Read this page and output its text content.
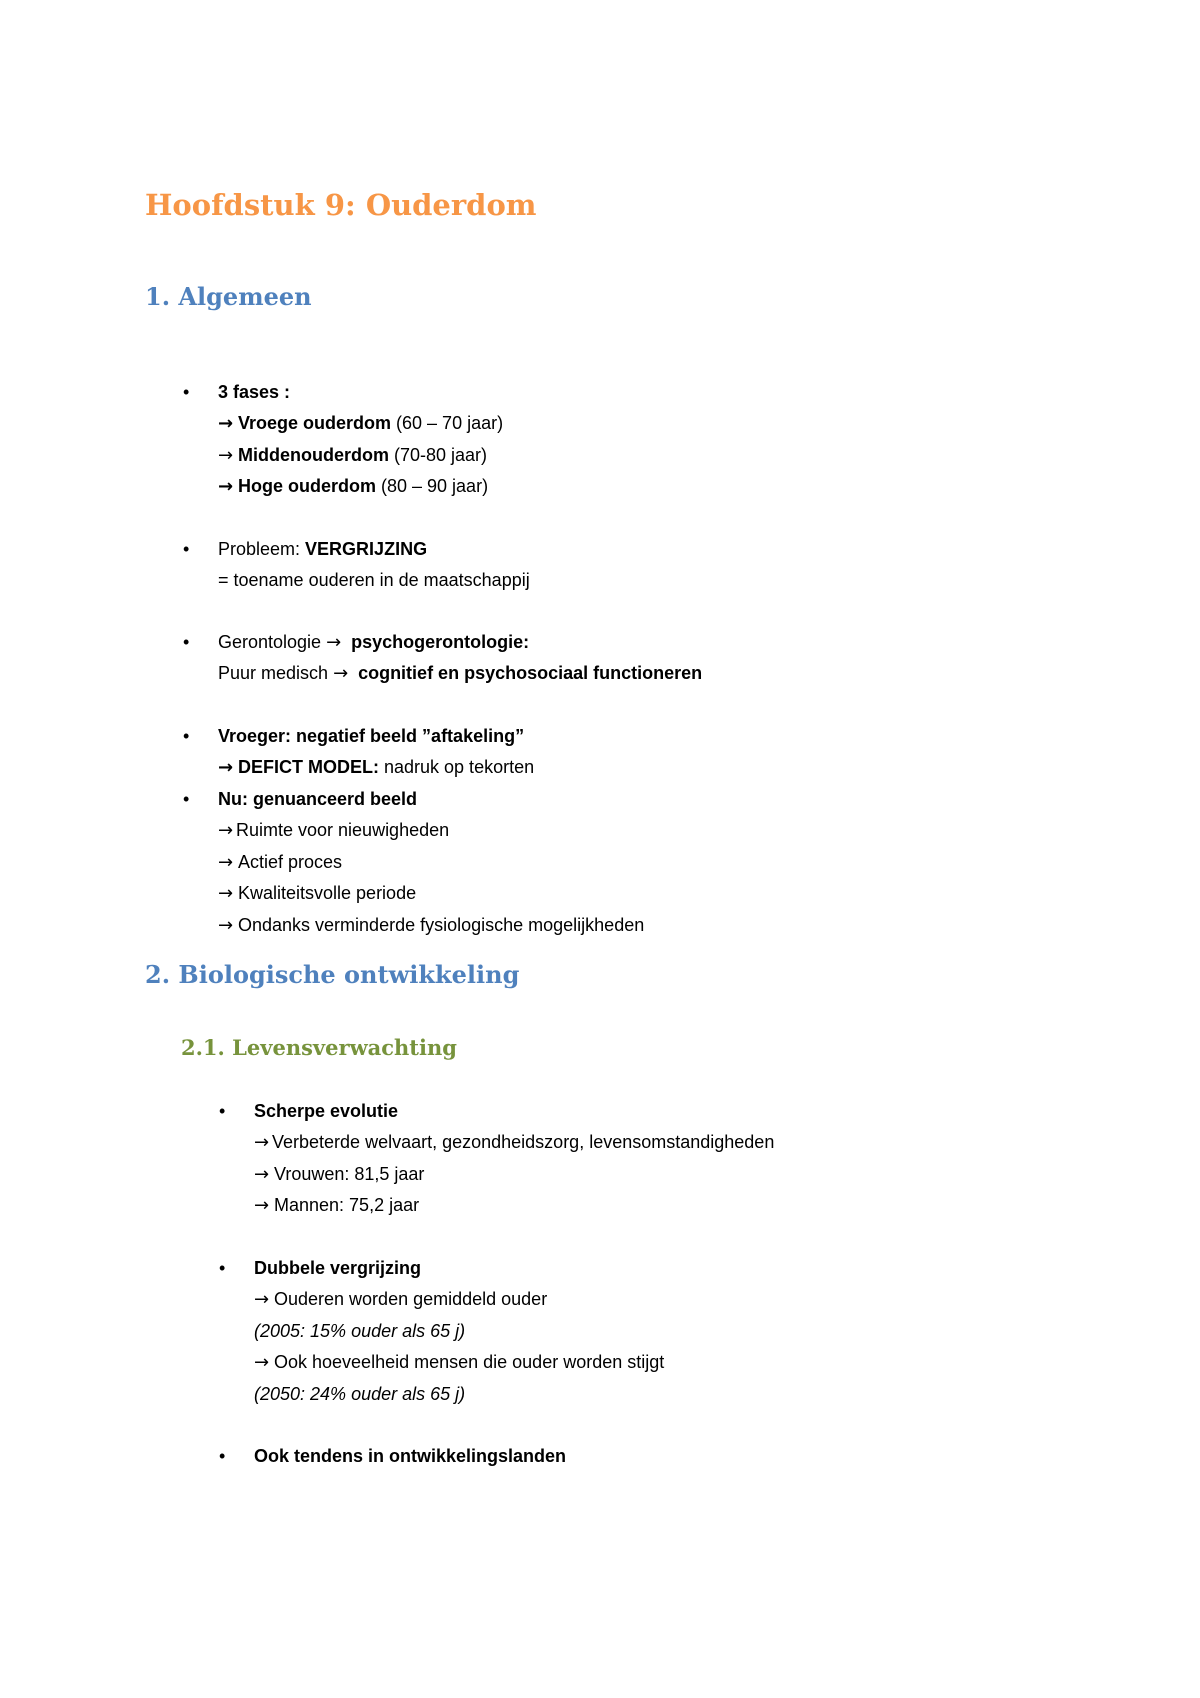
Hoofdstuk 9: Ouderdom
1. Algemeen
• 3 fases :
→ Vroege ouderdom (60 – 70 jaar)
→ Middenouderdom (70-80 jaar)
→ Hoge ouderdom (80 – 90 jaar)
• Probleem: VERGRIJZING
= toename ouderen in de maatschappij
• Gerontologie → psychogerontologie:
Puur medisch → cognitief en psychosociaal functioneren
• Vroeger: negatief beeld ”aftakeling”
→ DEFICT MODEL: nadruk op tekorten
• Nu: genuanceerd beeld
→ Ruimte voor nieuwigheden
→ Actief proces
→ Kwaliteitsvolle periode
→ Ondanks verminderde fysiologische mogelijkheden
2. Biologische ontwikkeling
2.1. Levensverwachting
• Scherpe evolutie
→ Verbeterde welvaart, gezondheidszorg, levensomstandigheden
→ Vrouwen: 81,5 jaar
→ Mannen: 75,2 jaar
• Dubbele vergrijzing
→ Ouderen worden gemiddeld ouder
(2005: 15% ouder als 65 j)
→ Ook hoeveelheid mensen die ouder worden stijgt
(2050: 24% ouder als 65 j)
• Ook tendens in ontwikkelingslanden
